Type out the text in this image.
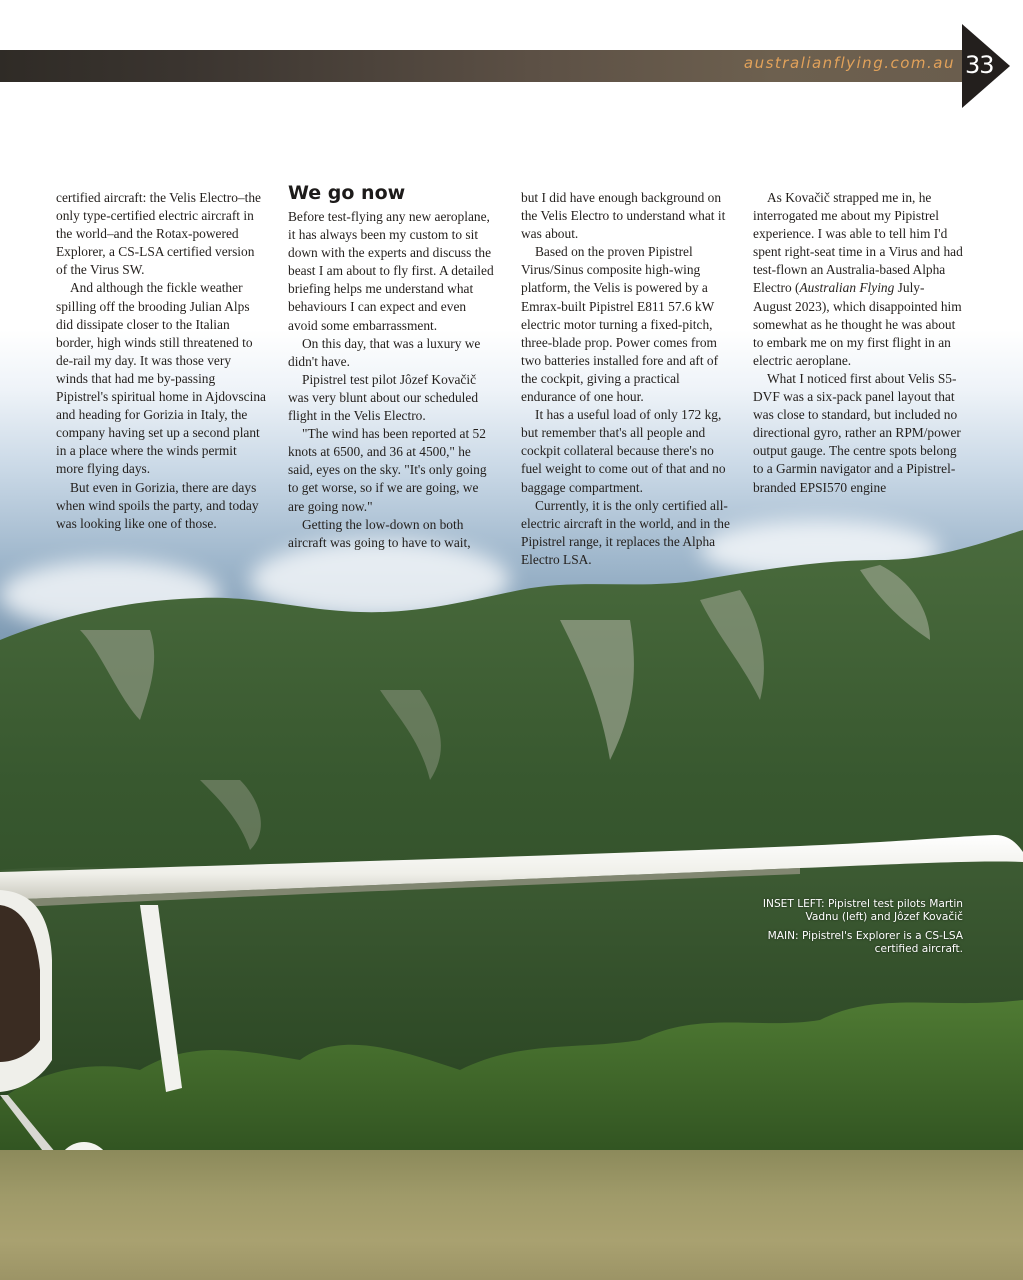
australianflying.com.au 33

certified aircraft: the Velis Electro–the only type-certified electric aircraft in the world–and the Rotax-powered Explorer, a CS-LSA certified version of the Virus SW.

And although the fickle weather spilling off the brooding Julian Alps did dissipate closer to the Italian border, high winds still threatened to de-rail my day. It was those very winds that had me by-passing Pipistrel's spiritual home in Ajdovscina and heading for Gorizia in Italy, the company having set up a second plant in a place where the winds permit more flying days.

But even in Gorizia, there are days when wind spoils the party, and today was looking like one of those.

We go now

Before test-flying any new aeroplane, it has always been my custom to sit down with the experts and discuss the beast I am about to fly first. A detailed briefing helps me understand what behaviours I can expect and even avoid some embarrassment.

On this day, that was a luxury we didn't have.

Pipistrel test pilot Jôzef Kovačič was very blunt about our scheduled flight in the Velis Electro.

"The wind has been reported at 52 knots at 6500, and 36 at 4500," he said, eyes on the sky. "It's only going to get worse, so if we are going, we are going now."

Getting the low-down on both aircraft was going to have to wait,

but I did have enough background on the Velis Electro to understand what it was about.

Based on the proven Pipistrel Virus/Sinus composite high-wing platform, the Velis is powered by a Emrax-built Pipistrel E811 57.6 kW electric motor turning a fixed-pitch, three-blade prop. Power comes from two batteries installed fore and aft of the cockpit, giving a practical endurance of one hour.

It has a useful load of only 172 kg, but remember that's all people and cockpit collateral because there's no fuel weight to come out of that and no baggage compartment.

Currently, it is the only certified all-electric aircraft in the world, and in the Pipistrel range, it replaces the Alpha Electro LSA.

As Kovačič strapped me in, he interrogated me about my Pipistrel experience. I was able to tell him I'd spent right-seat time in a Virus and had test-flown an Australia-based Alpha Electro (Australian Flying July-August 2023), which disappointed him somewhat as he thought he was about to embark me on my first flight in an electric aeroplane.

What I noticed first about Velis S5-DVF was a six-pack panel layout that was close to standard, but included no directional gyro, rather an RPM/power output gauge. The centre spots belong to a Garmin navigator and a Pipistrel-branded EPSI570 engine

INSET LEFT: Pipistrel test pilots Martin Vadnu (left) and Jôzef Kovačič

MAIN: Pipistrel's Explorer is a CS-LSA certified aircraft.
